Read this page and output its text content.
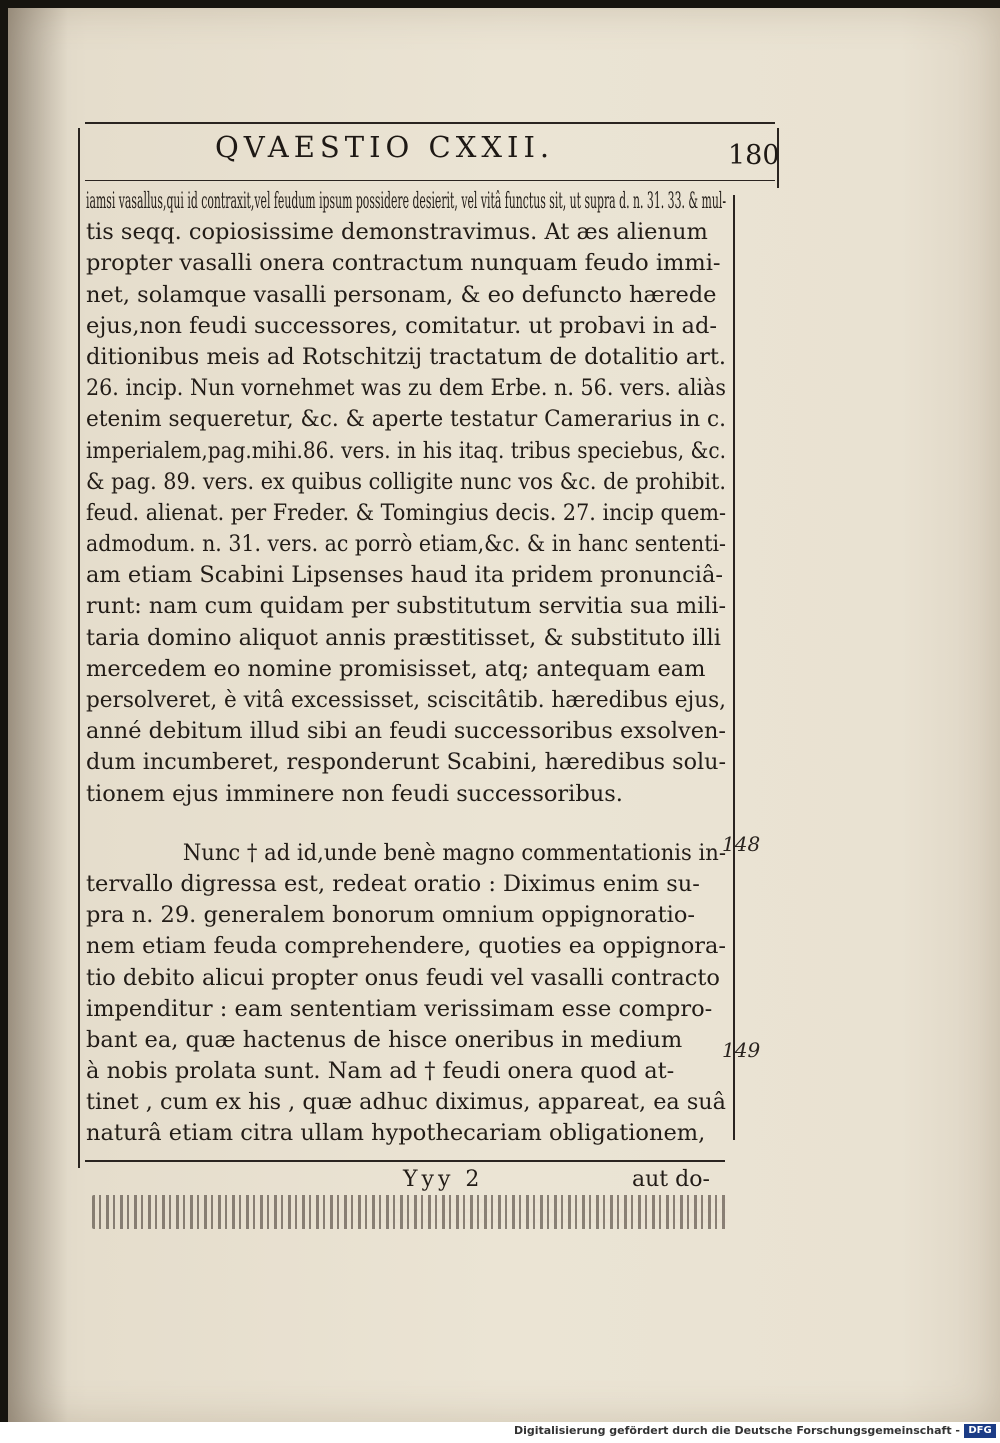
QVAESTIO CXXII.	180
iamsi vasallus,qui id contraxit,vel feudum ipsum possidere desierit, vel vitâ functus sit, ut supra d. n. 31. 33. & mul-
tis seqq. copiosissime demonstravimus. At æs alienum
propter vasalli onera contractum nunquam feudo immi-
net, solamque vasalli personam, & eo defuncto hærede
ejus,non feudi successores, comitatur. ut probavi in ad-
ditionibus meis ad Rotschitzij tractatum de dotalitio art.
26. incip. Nun vornehmet was zu dem Erbe. n. 56. vers. aliàs
etenim sequeretur, &c. & aperte testatur Camerarius in c.
imperialem,pag.mihi.86. vers. in his itaq. tribus speciebus, &c.
& pag. 89. vers. ex quibus colligite nunc vos &c. de prohibit.
feud. alienat. per Freder. & Tomingius decis. 27. incip quem-
admodum. n. 31. vers. ac porrò etiam,&c. & in hanc sententi-
am etiam Scabini Lipsenses haud ita pridem pronunciâ-
runt: nam cum quidam per substitutum servitia sua mili-
taria domino aliquot annis præstitisset, & substituto illi
mercedem eo nomine promisisset, atq; antequam eam
persolveret, è vitâ excessisset, sciscitâtib. hæredibus ejus,
anné debitum illud sibi an feudi successoribus exsolven-
dum incumberet, responderunt Scabini, hæredibus solu-
tionem ejus imminere non feudi successoribus.
Nunc † ad id,unde benè magno commentationis in-
tervallo digressa est, redeat oratio : Diximus enim su-
pra n. 29. generalem bonorum omnium oppignoratio-
nem etiam feuda comprehendere, quoties ea oppignora-
tio debito alicui propter onus feudi vel vasalli contracto
impenditur : eam sententiam verissimam esse compro-
bant ea, quæ hactenus de hisce oneribus in medium
à nobis prolata sunt. Nam ad † feudi onera quod at-
tinet , cum ex his , quæ adhuc diximus, appareat, ea suâ
naturâ etiam citra ullam hypothecariam obligationem,
148
149
Yyy 2	aut do-
Digitalisierung gefördert durch die Deutsche Forschungsgemeinschaft - DFG
